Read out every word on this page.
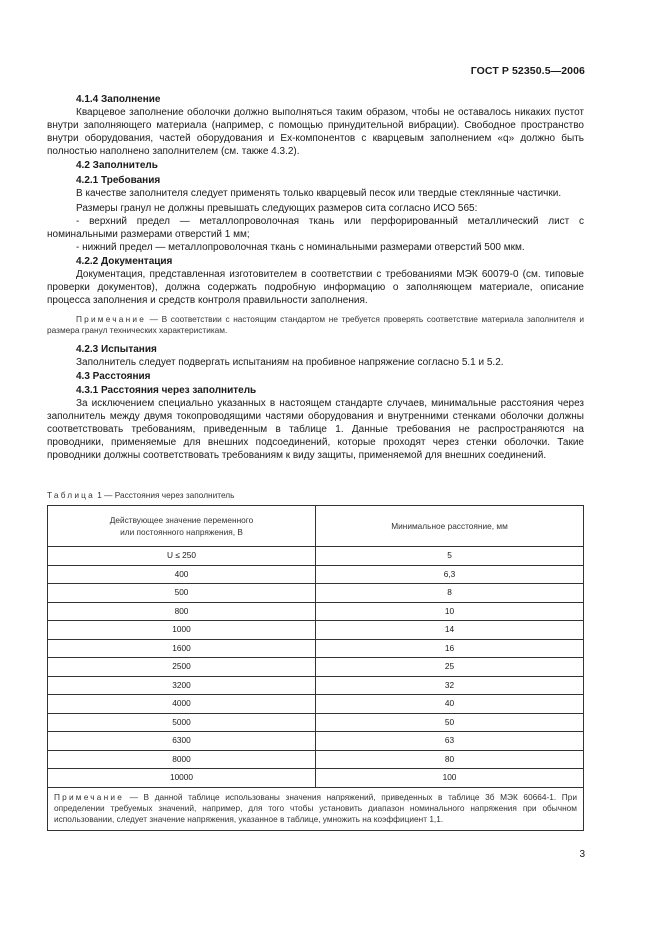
ГОСТ Р 52350.5—2006

4.1.4 Заполнение

Кварцевое заполнение оболочки должно выполняться таким образом, чтобы не оставалось никаких пустот внутри заполняющего материала (например, с помощью принудительной вибрации). Свободное пространство внутри оборудования, частей оборудования и Ex-компонентов с кварцевым заполнением «q» должно быть полностью наполнено заполнителем (см. также 4.3.2).

4.2 Заполнитель

4.2.1 Требования

В качестве заполнителя следует применять только кварцевый песок или твердые стеклянные частички.

Размеры гранул не должны превышать следующих размеров сита согласно ИСО 565:

- верхний предел — металлопроволочная ткань или перфорированный металлический лист с номинальными размерами отверстий 1 мм;

- нижний предел — металлопроволочная ткань с номинальными размерами отверстий 500 мкм.

4.2.2 Документация

Документация, представленная изготовителем в соответствии с требованиями МЭК 60079-0 (см. типовые проверки документов), должна содержать подробную информацию о заполняющем материале, описание процесса заполнения и средств контроля правильности заполнения.

Примечание — В соответствии с настоящим стандартом не требуется проверять соответствие материала заполнителя и размера гранул технических характеристикам.

4.2.3 Испытания

Заполнитель следует подвергать испытаниям на пробивное напряжение согласно 5.1 и 5.2.

4.3 Расстояния

4.3.1 Расстояния через заполнитель

За исключением специально указанных в настоящем стандарте случаев, минимальные расстояния через заполнитель между двумя токопроводящими частями оборудования и внутренними стенками оболочки должны соответствовать требованиям, приведенным в таблице 1. Данные требования не распространяются на проводники, применяемые для внешних подсоединений, которые проходят через стенки оболочки. Такие проводники должны соответствовать требованиям к виду защиты, применяемой для внешних соединений.

Таблица 1 — Расстояния через заполнитель
Действующее значение переменного
или постоянного напряжения, В	Минимальное расстояние, мм
U ≤ 250	5
400	6,3
500	8
800	10
1000	14
1600	16
2500	25
3200	32
4000	40
5000	50
6300	63
8000	80
10000	100
Примечание — В данной таблице использованы значения напряжений, приведенных в таблице 3б МЭК 60664-1. При определении требуемых значений, например, для того чтобы установить диапазон номинального напряжения при обычном использовании, следует значение напряжения, указанное в таблице, умножить на коэффициент 1,1.	
3
